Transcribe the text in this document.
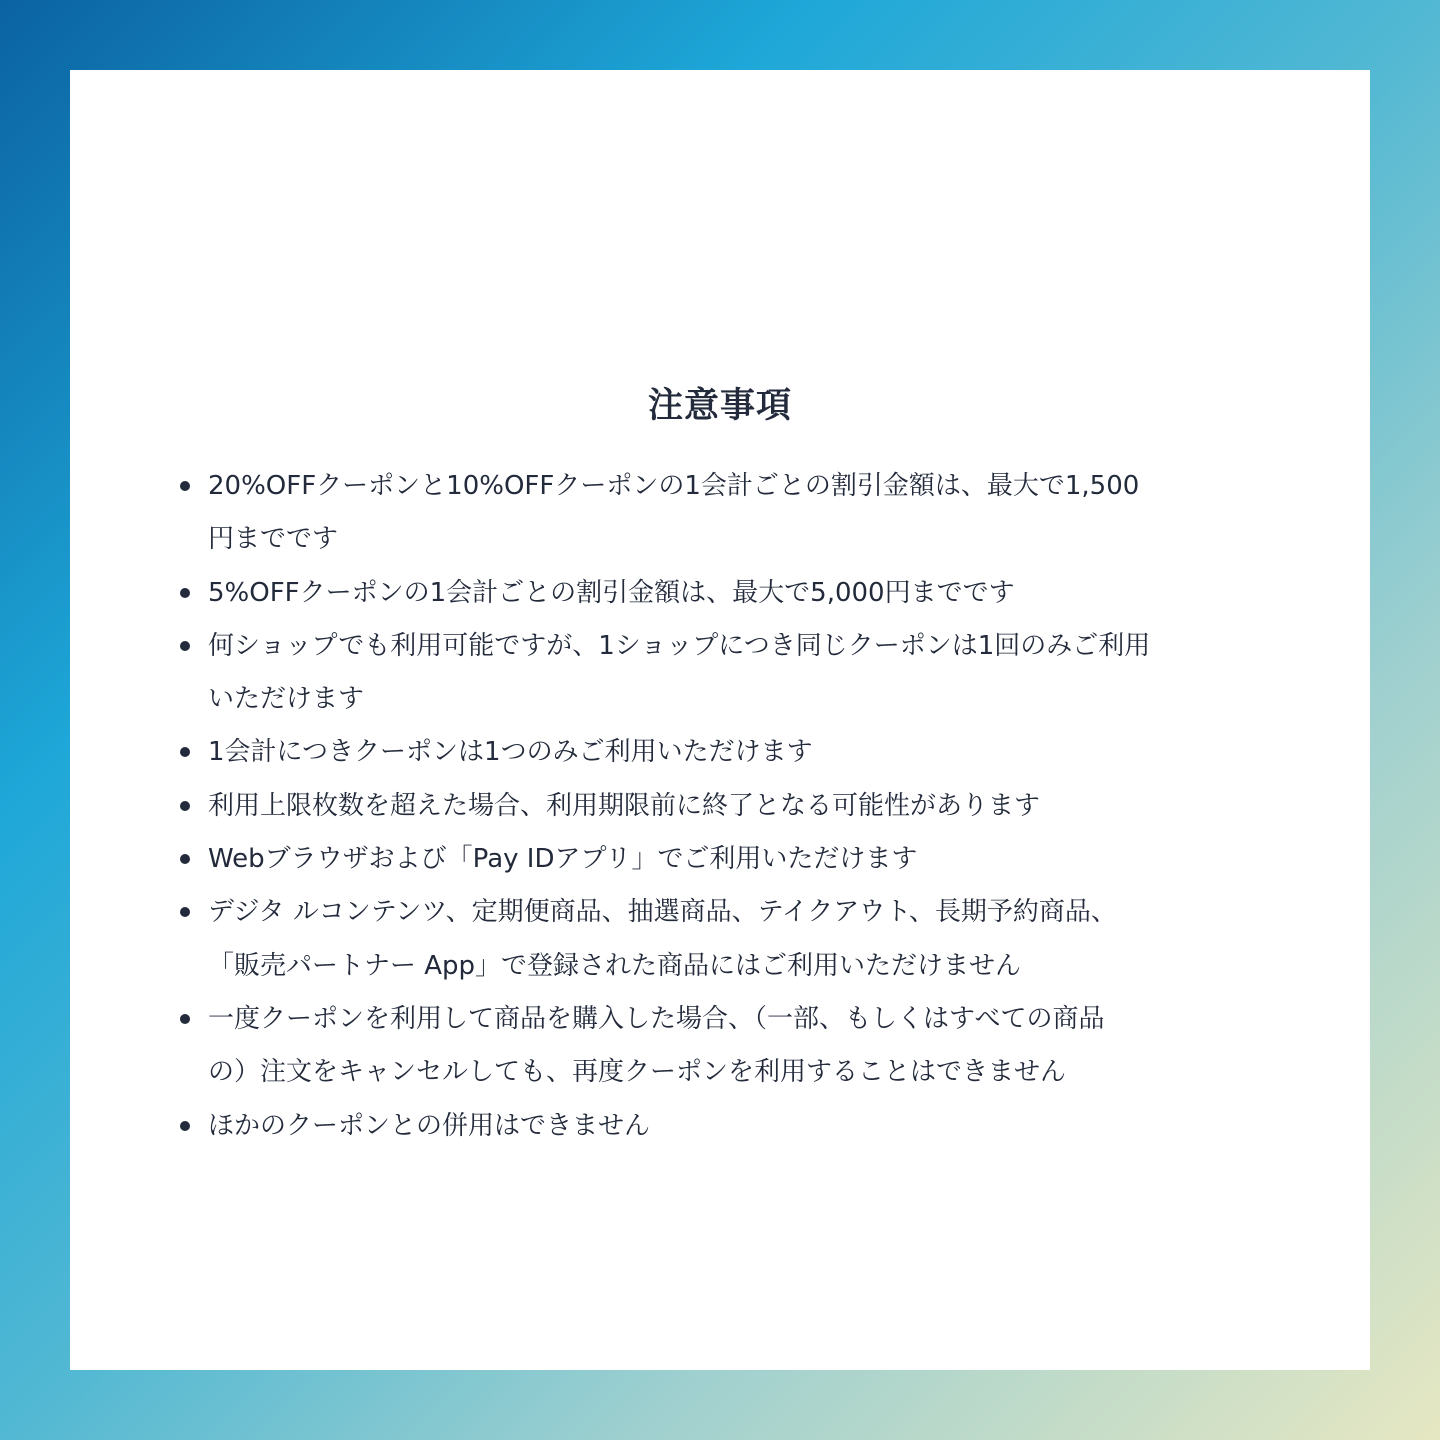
注意事項
20%OFFクーポンと10%OFFクーポンの1会計ごとの割引金額は、最大で1,500
円までです
5%OFFクーポンの1会計ごとの割引金額は、最大で5,000円までです
何ショップでも利用可能ですが、1ショップにつき同じクーポンは1回のみご利用
いただけます
1会計につきクーポンは1つのみご利用いただけます
利用上限枚数を超えた場合、利用期限前に終了となる可能性があります
Webブラウザおよび「Pay IDアプリ」でご利用いただけます
デジタ ルコンテンツ、定期便商品、抽選商品、テイクアウト、長期予約商品、
「販売パートナー App」で登録された商品にはご利用いただけません
一度クーポンを利用して商品を購入した場合、（一部、もしくはすべての商品
の）注文をキャンセルしても、再度クーポンを利用することはできません
ほかのクーポンとの併用はできません
